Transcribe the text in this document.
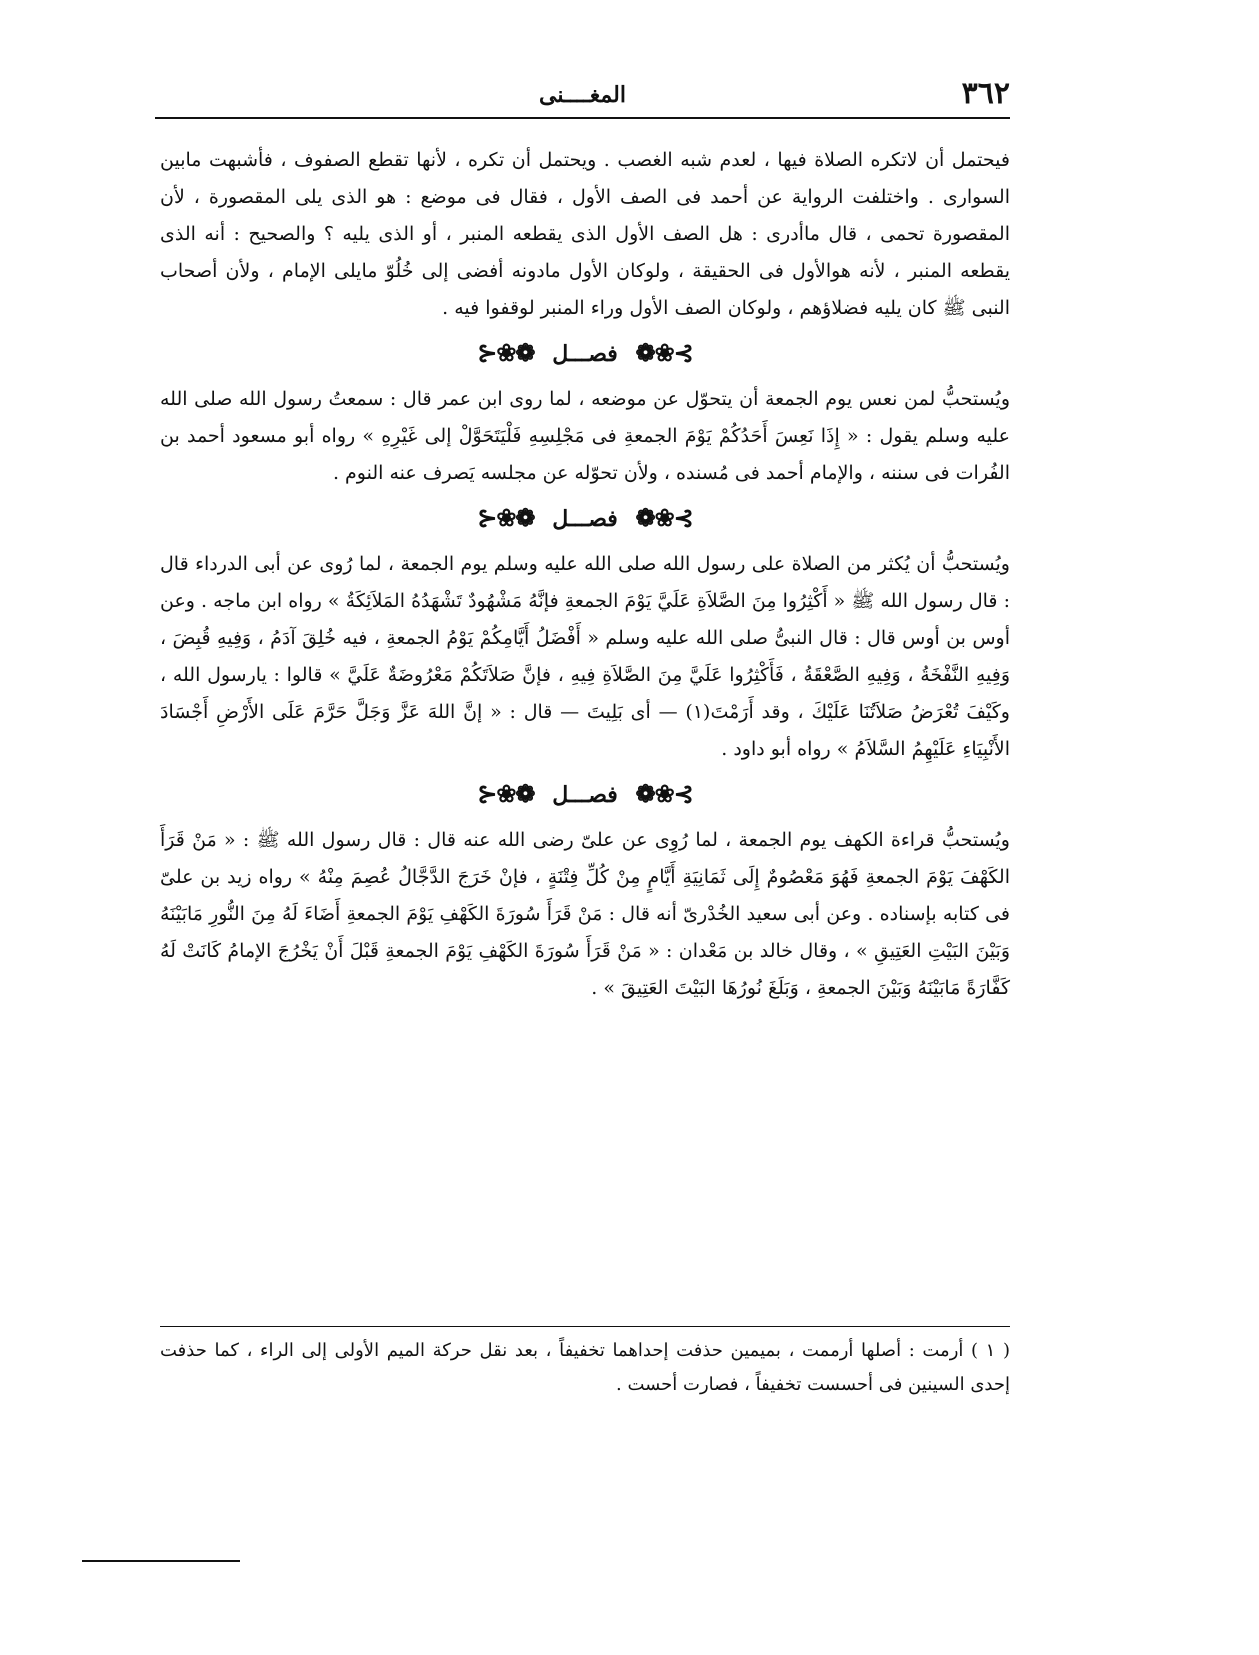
٣٦٢
المغــــنى

فيحتمل أن لاتكره الصلاة فيها ، لعدم شبه الغصب . ويحتمل أن تكره ، لأنها تقطع الصفوف ، فأشبهت مابين السوارى . واختلفت الرواية عن أحمد فى الصف الأول ، فقال فى موضع : هو الذى يلى المقصورة ، لأن المقصورة تحمى ، قال ماأدرى : هل الصف الأول الذى يقطعه المنبر ، أو الذى يليه ؟ والصحيح : أنه الذى يقطعه المنبر ، لأنه هوالأول فى الحقيقة ، ولوكان الأول مادونه أفضى إلى خُلُوّ مايلى الإمام ، ولأن أصحاب النبى ﷺ كان يليه فضلاؤهم ، ولوكان الصف الأول وراء المنبر لوقفوا فيه .

⊱❀❁ فصـــل ❁❀⊰

ويُستحبُّ لمن نعس يوم الجمعة أن يتحوّل عن موضعه ، لما روى ابن عمر قال : سمعتُ رسول الله صلى الله عليه وسلم يقول : « إِذَا نَعِسَ أَحَدُكُمْ يَوْمَ الجمعةِ فى مَجْلِسِهِ فَلْيَتَحَوَّلْ إلى غَيْرِهِ » رواه أبو مسعود أحمد بن الفُرات فى سننه ، والإمام أحمد فى مُسنده ، ولأن تحوّله عن مجلسه يَصرف عنه النوم .

⊱❀❁ فصـــل ❁❀⊰

ويُستحبُّ أن يُكثر من الصلاة على رسول الله صلى الله عليه وسلم يوم الجمعة ، لما رُوى عن أبى الدرداء قال : قال رسول الله ﷺ « أَكْثِرُوا مِنَ الصَّلاَةِ عَلَيَّ يَوْمَ الجمعةِ فإنَّهُ مَشْهُودٌ تَشْهَدُهُ المَلاَئِكَةُ » رواه ابن ماجه . وعن أوس بن أوس قال : قال النبىُّ صلى الله عليه وسلم « أَفْضَلُ أَيَّامِكُمْ يَوْمُ الجمعةِ ، فيه خُلِقَ آدَمُ ، وَفِيهِ قُبِضَ ، وَفِيهِ النَّفْخَةُ ، وَفِيهِ الصَّعْقَةُ ، فَأَكْثِرُوا عَلَيَّ مِنَ الصَّلاَةِ فِيهِ ، فإنَّ صَلاَتَكُمْ مَعْرُوضَةٌ عَلَيَّ » قالوا : يارسول الله ، وكَيْفَ تُعْرَضُ صَلاَتُنَا عَلَيْكَ ، وقد أَرَمْتَ(١) — أى بَلِيتَ — قال : « إنَّ اللهَ عَزَّ وَجَلَّ حَرَّمَ عَلَى الأَرْضِ أَجْسَادَ الأَنْبِيَاءِ عَلَيْهِمُ السَّلاَمُ » رواه أبو داود .

⊱❀❁ فصـــل ❁❀⊰

ويُستحبُّ قراءة الكهف يوم الجمعة ، لما رُوِى عن علىّ رضى الله عنه قال : قال رسول الله ﷺ : « مَنْ قَرَأَ الكَهْفَ يَوْمَ الجمعةِ فَهُوَ مَعْصُومٌ إِلَى ثَمَانِيَةِ أَيَّامٍ مِنْ كُلِّ فِتْنَةٍ ، فإنْ خَرَجَ الدَّجَّالُ عُصِمَ مِنْهُ » رواه زيد بن علىّ فى كتابه بإسناده . وعن أبى سعيد الخُدْرىّ أنه قال : مَنْ قَرَأَ سُورَةَ الكَهْفِ يَوْمَ الجمعةِ أَضَاءَ لَهُ مِنَ النُّورِ مَابَيْنَهُ وَبَيْنَ البَيْتِ العَتِيقِ » ، وقال خالد بن مَعْدان : « مَنْ قَرَأَ سُورَةَ الكَهْفِ يَوْمَ الجمعةِ قَبْلَ أَنْ يَخْرُجَ الإمامُ كَانَتْ لَهُ كَفَّارَةً مَابَيْنَهُ وَبَيْنَ الجمعةِ ، وَبَلَغَ نُورُهَا البَيْتَ العَتِيقَ » .

( ١ ) أرمت : أصلها أرممت ، بميمين حذفت إحداهما تخفيفاً ، بعد نقل حركة الميم الأولى إلى الراء ، كما حذفت إحدى السينين فى أحسست تخفيفاً ، فصارت أحست .
